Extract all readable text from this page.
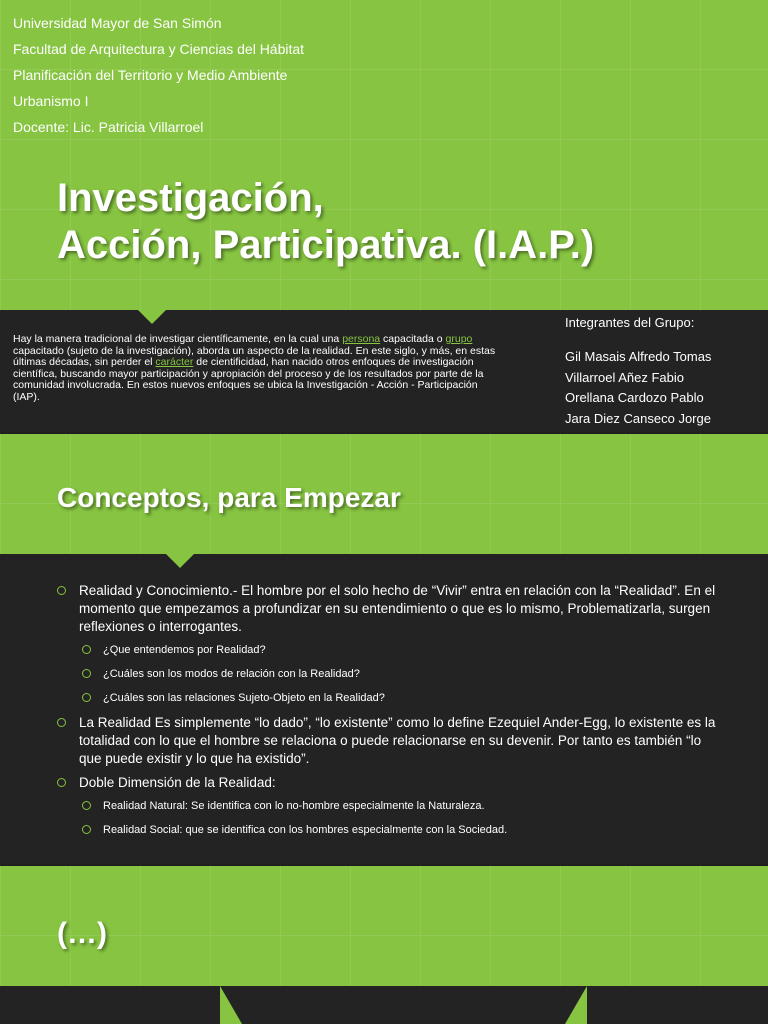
Universidad Mayor de San Simón
Facultad de Arquitectura y Ciencias del Hábitat
Planificación del Territorio y Medio Ambiente
Urbanismo I
Docente: Lic. Patricia Villarroel
Investigación,
Acción, Participativa. (I.A.P.)

Hay la manera tradicional de investigar científicamente, en la cual una persona capacitada o grupo capacitado (sujeto de la investigación), aborda un aspecto de la realidad. En este siglo, y más, en estas últimas décadas, sin perder el carácter de cientificidad, han nacido otros enfoques de investigación científica, buscando mayor participación y apropiación del proceso y de los resultados por parte de la comunidad involucrada. En estos nuevos enfoques se ubica la Investigación - Acción - Participación (IAP).

Integrantes del Grupo:
Gil Masais Alfredo Tomas
Villarroel Añez Fabio
Orellana Cardozo Pablo
Jara Diez Canseco Jorge
Conceptos, para Empezar
Realidad y Conocimiento.- El hombre por el solo hecho de “Vivir” entra en relación con la “Realidad”. En el momento que empezamos a profundizar en su entendimiento o que es lo mismo, Problematizarla, surgen reflexiones o interrogantes.
¿Que entendemos por Realidad?
¿Cuáles son los modos de relación con la Realidad?
¿Cuáles son las relaciones Sujeto-Objeto en la Realidad?
La Realidad Es simplemente “lo dado”, “lo existente” como lo define Ezequiel Ander-Egg, lo existente es la totalidad con lo que el hombre se relaciona o puede relacionarse en su devenir. Por tanto es también “lo que puede existir y lo que ha existido”.
Doble Dimensión de la Realidad:
Realidad Natural: Se identifica con lo no-hombre especialmente la Naturaleza.
Realidad Social: que se identifica con los hombres especialmente con la Sociedad.
(…)
